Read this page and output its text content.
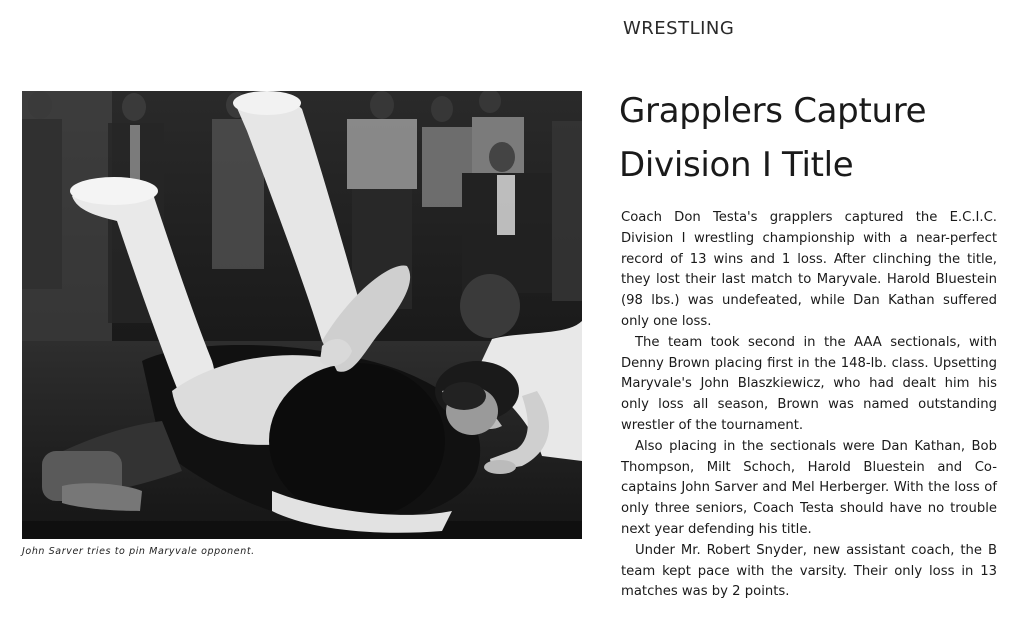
WRESTLING
John Sarver tries to pin Maryvale opponent.
Grapplers Capture
Division I Title

Coach Don Testa's grapplers captured the E.C.I.C. Division I wrestling championship with a near-perfect record of 13 wins and 1 loss. After clinching the title, they lost their last match to Maryvale. Harold Bluestein (98 lbs.) was undefeated, while Dan Kathan suffered only one loss.

The team took second in the AAA sectionals, with Denny Brown placing first in the 148-lb. class. Upsetting Maryvale's John Blaszkiewicz, who had dealt him his only loss all season, Brown was named outstanding wrestler of the tournament.

Also placing in the sectionals were Dan Kathan, Bob Thompson, Milt Schoch, Harold Bluestein and Co-captains John Sarver and Mel Herberger. With the loss of only three seniors, Coach Testa should have no trouble next year defending his title.

Under Mr. Robert Snyder, new assistant coach, the B team kept pace with the varsity. Their only loss in 13 matches was by 2 points.
